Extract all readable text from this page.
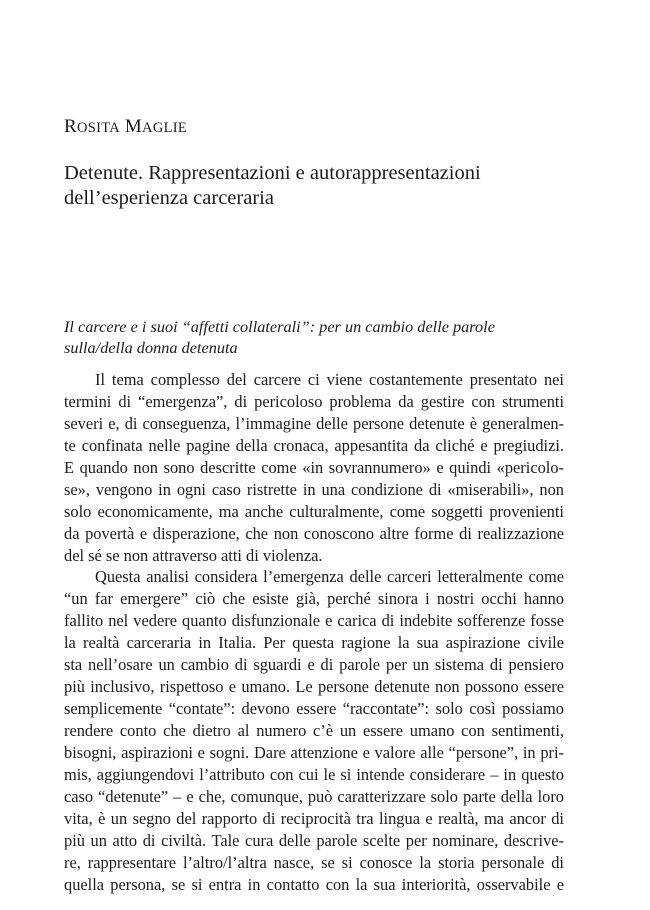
ROSITA MAGLIE
Detenute. Rappresentazioni e autorappresentazioni
dell’esperienza carceraria
Il carcere e i suoi “affetti collaterali”: per un cambio delle parole
sulla/della donna detenuta
Il tema complesso del carcere ci viene costantemente presentato nei
termini di “emergenza”, di pericoloso problema da gestire con strumenti
severi e, di conseguenza, l’immagine delle persone detenute è generalmen-
te confinata nelle pagine della cronaca, appesantita da cliché e pregiudizi.
E quando non sono descritte come «in sovrannumero» e quindi «pericolo-
se», vengono in ogni caso ristrette in una condizione di «miserabili», non
solo economicamente, ma anche culturalmente, come soggetti provenienti
da povertà e disperazione, che non conoscono altre forme di realizzazione
del sé se non attraverso atti di violenza.
Questa analisi considera l’emergenza delle carceri letteralmente come
“un far emergere” ciò che esiste già, perché sinora i nostri occhi hanno
fallito nel vedere quanto disfunzionale e carica di indebite sofferenze fosse
la realtà carceraria in Italia. Per questa ragione la sua aspirazione civile
sta nell’osare un cambio di sguardi e di parole per un sistema di pensiero
più inclusivo, rispettoso e umano. Le persone detenute non possono essere
semplicemente “contate”: devono essere “raccontate”: solo così possiamo
rendere conto che dietro al numero c’è un essere umano con sentimenti,
bisogni, aspirazioni e sogni. Dare attenzione e valore alle “persone”, in pri-
mis, aggiungendovi l’attributo con cui le si intende considerare – in questo
caso “detenute” – e che, comunque, può caratterizzare solo parte della loro
vita, è un segno del rapporto di reciprocità tra lingua e realtà, ma ancor di
più un atto di civiltà. Tale cura delle parole scelte per nominare, descrive-
re, rappresentare l’altro/l’altra nasce, se si conosce la storia personale di
quella persona, se si entra in contatto con la sua interiorità, osservabile e
